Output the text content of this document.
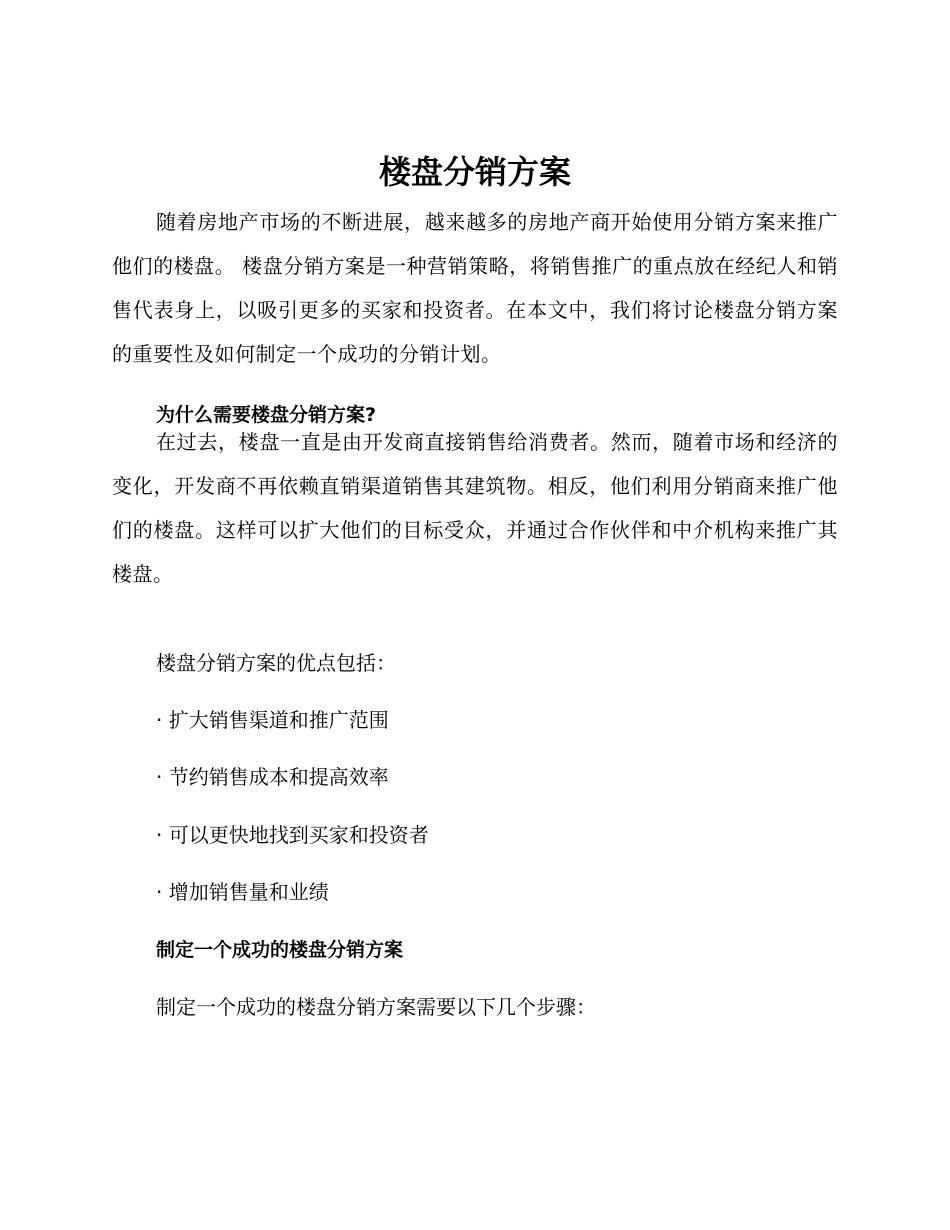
楼盘分销方案

随着房地产市场的不断进展，越来越多的房地产商开始使用分销方案来推广他们的楼盘。 楼盘分销方案是一种营销策略，将销售推广的重点放在经纪人和销售代表身上，以吸引更多的买家和投资者。在本文中，我们将讨论楼盘分销方案的重要性及如何制定一个成功的分销计划。

为什么需要楼盘分销方案?

在过去，楼盘一直是由开发商直接销售给消费者。然而，随着市场和经济的变化，开发商不再依赖直销渠道销售其建筑物。相反，他们利用分销商来推广他们的楼盘。这样可以扩大他们的目标受众，并通过合作伙伴和中介机构来推广其楼盘。

楼盘分销方案的优点包括：

· 扩大销售渠道和推广范围

· 节约销售成本和提高效率

· 可以更快地找到买家和投资者

· 增加销售量和业绩

制定一个成功的楼盘分销方案

制定一个成功的楼盘分销方案需要以下几个步骤：
